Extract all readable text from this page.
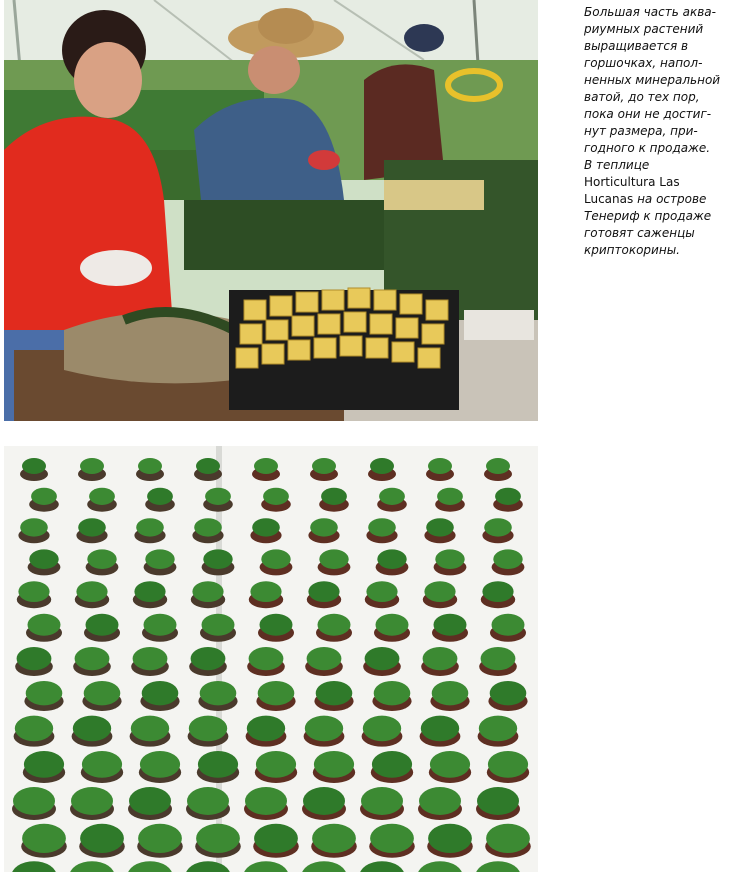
Большая часть аква-
риумных растений
выращивается в
горшочках, напол-
ненных минеральной
ватой, до тех пор,
пока они не достиг-
нут размера, при-
годного к продаже.
В теплице
Horticultura Las
Lucanas на острове
Тенериф к продаже
готовят саженцы
криптокорины.
